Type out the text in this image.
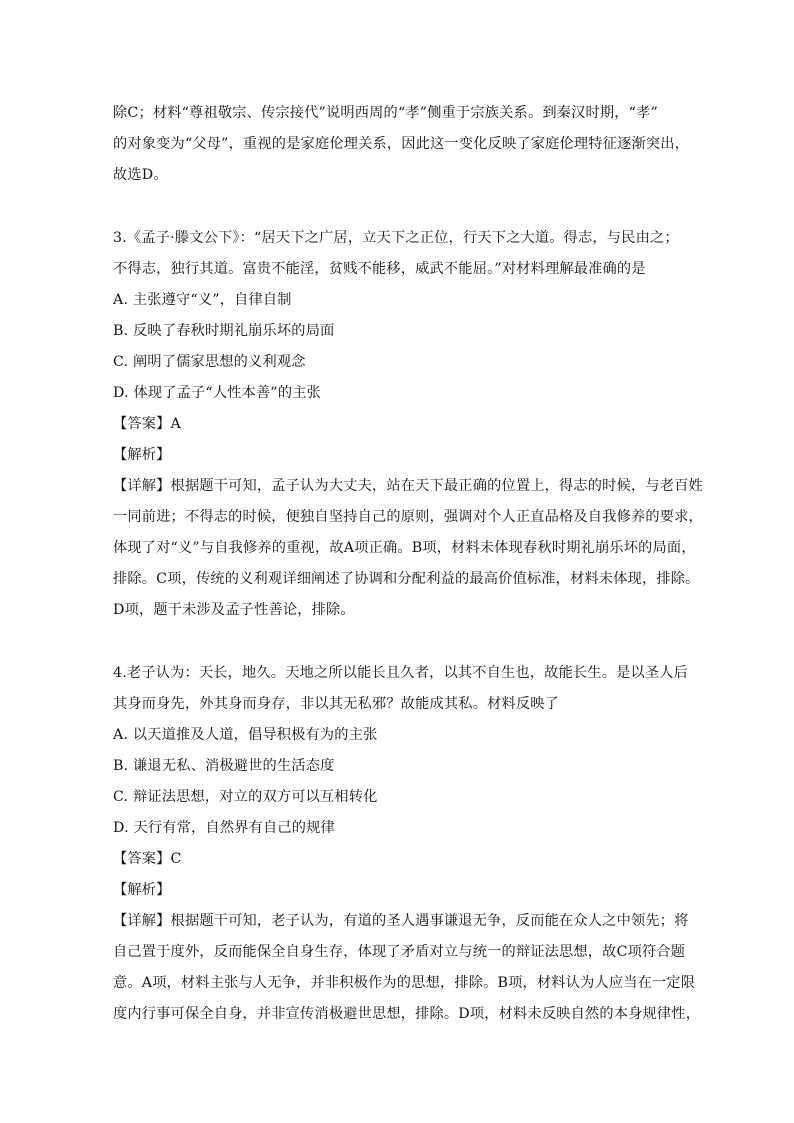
除C；材料“尊祖敬宗、传宗接代”说明西周的“孝”侧重于宗族关系。到秦汉时期，“孝”
的对象变为“父母”，重视的是家庭伦理关系，因此这一变化反映了家庭伦理特征逐渐突出，
故选D。
3.《孟子·滕文公下》：“居天下之广居，立天下之正位，行天下之大道。得志，与民由之；
不得志，独行其道。富贵不能淫，贫贱不能移，威武不能屈。”对材料理解最准确的是
A. 主张遵守“义”，自律自制
B. 反映了春秋时期礼崩乐坏的局面
C. 阐明了儒家思想的义利观念
D. 体现了孟子“人性本善”的主张
【答案】A
【解析】
【详解】根据题干可知，孟子认为大丈夫，站在天下最正确的位置上，得志的时候，与老百姓
一同前进；不得志的时候，便独自坚持自己的原则，强调对个人正直品格及自我修养的要求，
体现了对“义”与自我修养的重视，故A项正确。B项，材料未体现春秋时期礼崩乐坏的局面，
排除。C项，传统的义利观详细阐述了协调和分配利益的最高价值标准，材料未体现，排除。
D项，题干未涉及孟子性善论，排除。
4.老子认为：天长，地久。天地之所以能长且久者，以其不自生也，故能长生。是以圣人后
其身而身先，外其身而身存，非以其无私邪？故能成其私。材料反映了
A. 以天道推及人道，倡导积极有为的主张
B. 谦退无私、消极避世的生活态度
C. 辩证法思想，对立的双方可以互相转化
D. 天行有常，自然界有自己的规律
【答案】C
【解析】
【详解】根据题干可知，老子认为，有道的圣人遇事谦退无争，反而能在众人之中领先；将
自己置于度外，反而能保全自身生存，体现了矛盾对立与统一的辩证法思想，故C项符合题
意。A项，材料主张与人无争，并非积极作为的思想，排除。B项，材料认为人应当在一定限
度内行事可保全自身，并非宣传消极避世思想，排除。D项，材料未反映自然的本身规律性，
